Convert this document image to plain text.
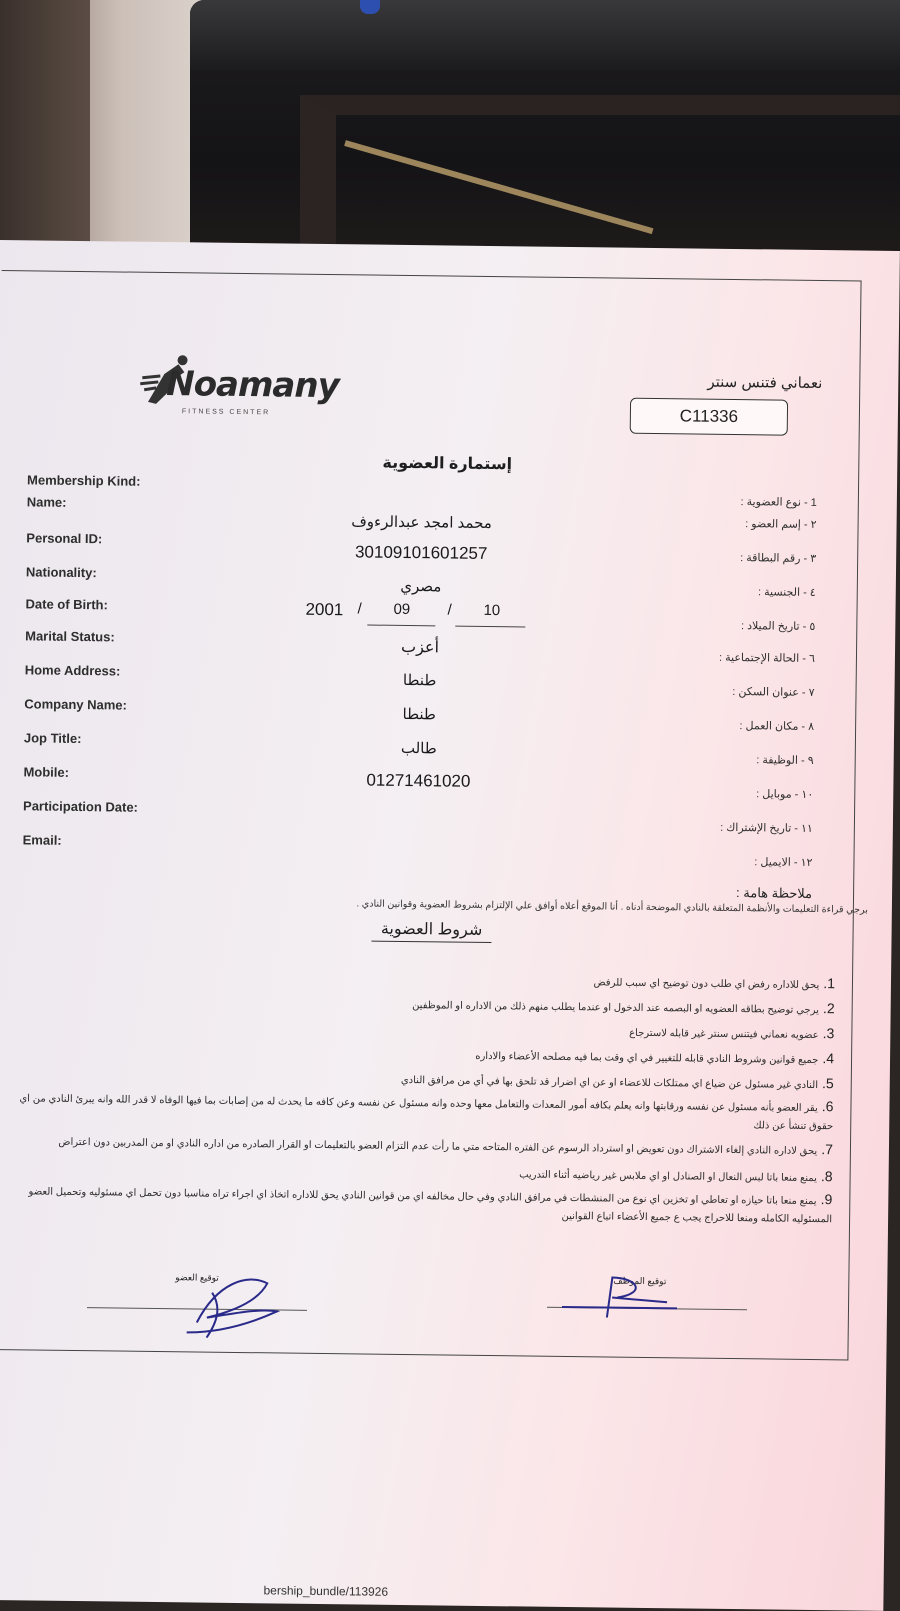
Noamany
FITNESS CENTER
نعماني فتنس سنتر
C11336
إستمارة العضوية
Membership Kind:
Name:
Personal ID:
Nationality:
Date of Birth:
Marital Status:
Home Address:
Company Name:
Jop Title:
Mobile:
Participation Date:
Email:
1 - نوع العضوية :
٢ - إسم العضو :
٣ - رقم البطاقة :
٤ - الجنسية :
٥ - تاريخ الميلاد :
٦ - الحالة الإجتماعية :
٧ - عنوان السكن :
٨ - مكان العمل :
٩ - الوظيفة :
١٠ - موبايل :
١١ - تاريخ الإشتراك :
١٢ - الايميل :
محمد امجد عبدالرءوف
30109101601257
مصري
2001 / 09 / 10
أعزب
طنطا
طنطا
طالب
01271461020
ملاحظة هامة :
برجي قراءة التعليمات والأنظمة المتعلقة بالنادي الموضحة أدناه . أنا الموقع أعلاه أوافق علي الإلتزام بشروط العضوية وقوانين النادي .
شروط العضوية
1.يحق للاداره رفض اي طلب دون توضيح اي سبب للرفض
2.يرجي توضيح بطاقه العضويه او البصمه عند الدخول او عندما يطلب منهم ذلك من الاداره او الموظفين
3.عضويه نعماني فيتنس سنتر غير قابله لاسترجاع
4.جميع قوانين وشروط النادي قابله للتغيير في اي وقت بما فيه مصلحه الأعضاء والاداره
5.النادي غير مسئول عن ضياع اي ممتلكات للاعضاء او عن اي اضرار قد تلحق بها في أي من مرافق النادي
6.يقر العضو بأنه مسئول عن نفسه ورقابتها وانه يعلم بكافه أمور المعدات والتعامل معها وحده وانه مسئول عن نفسه وعن كافه ما يحدث له من إصابات بما فيها الوفاه لا قدر الله وانه يبرئ النادي من اي حقوق تنشأ عن ذلك
7.يحق لاداره النادي إلغاء الاشتراك دون تعويض او استرداد الرسوم عن الفتره المتاحه متي ما رأت عدم التزام العضو بالتعليمات او القرار الصادره من اداره النادي او من المدربين دون اعتراض
8.يمنع منعا باتا لبس النعال او الصنادل او اي ملابس غير رياضيه أثناء التدريب
9.يمنع منعا باتا حيازه او تعاطي او تخزين اي نوع من المنشطات في مرافق النادي وفي حال مخالفه اي من قوانين النادي يحق للاداره اتخاذ اي اجراء تراه مناسبا دون تحمل اي مسئوليه وتحميل العضو المسئوليه الكامله ومنعا للاحراج يجب ع جميع الأعضاء اتباع القوانين
توقيع العضو	توقيع الموظف
bership_bundle/113926
